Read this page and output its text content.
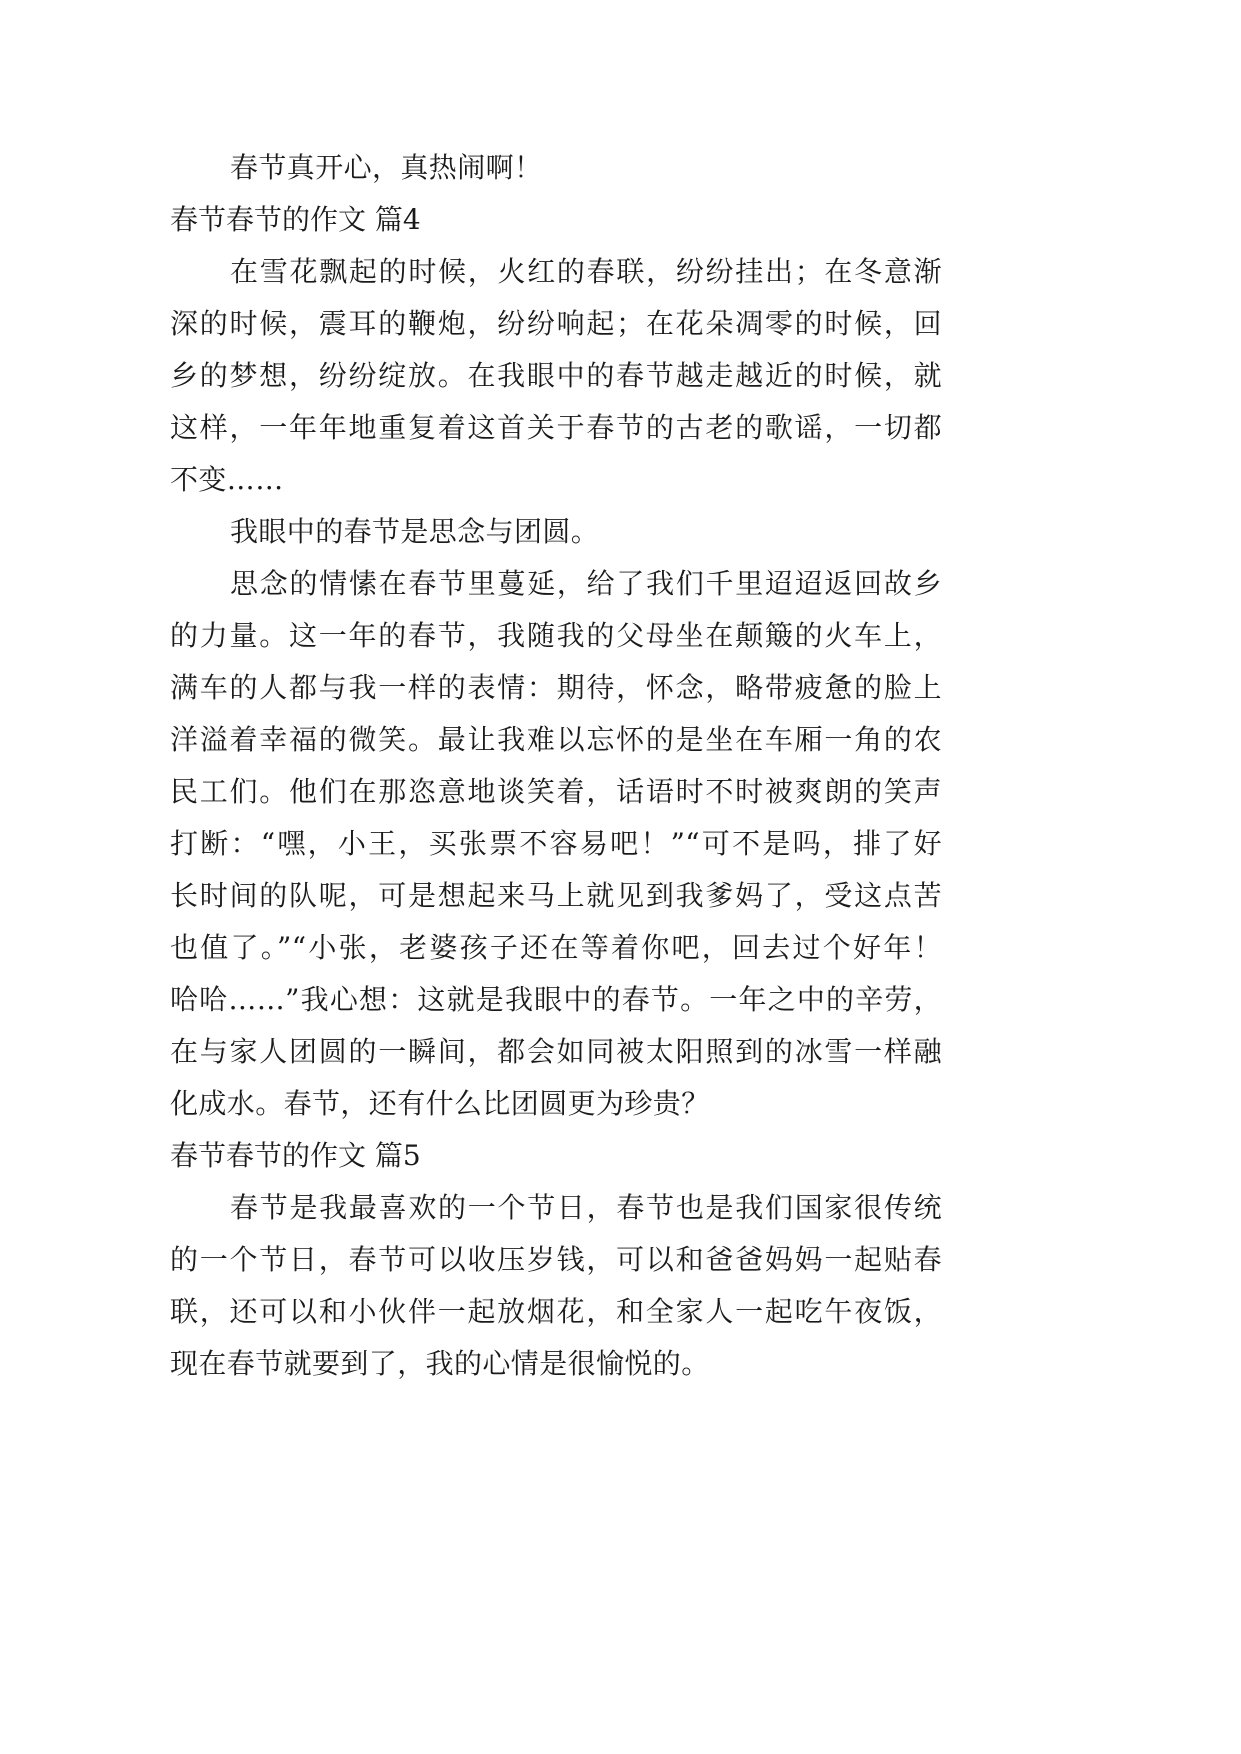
春节真开心，真热闹啊！
春节春节的作文 篇4
在雪花飘起的时候，火红的春联，纷纷挂出；在冬意渐
深的时候，震耳的鞭炮，纷纷响起；在花朵凋零的时候，回
乡的梦想，纷纷绽放。在我眼中的春节越走越近的时候，就
这样，一年年地重复着这首关于春节的古老的歌谣，一切都
不变……
我眼中的春节是思念与团圆。
思念的情愫在春节里蔓延，给了我们千里迢迢返回故乡
的力量。这一年的春节，我随我的父母坐在颠簸的火车上，
满车的人都与我一样的表情：期待，怀念，略带疲惫的脸上
洋溢着幸福的微笑。最让我难以忘怀的是坐在车厢一角的农
民工们。他们在那恣意地谈笑着，话语时不时被爽朗的笑声
打断：“嘿，小王，买张票不容易吧！”“可不是吗，排了好
长时间的队呢，可是想起来马上就见到我爹妈了，受这点苦
也值了。”“小张，老婆孩子还在等着你吧，回去过个好年！
哈哈……”我心想：这就是我眼中的春节。一年之中的辛劳，
在与家人团圆的一瞬间，都会如同被太阳照到的冰雪一样融
化成水。春节，还有什么比团圆更为珍贵？
春节春节的作文 篇5
春节是我最喜欢的一个节日，春节也是我们国家很传统
的一个节日，春节可以收压岁钱，可以和爸爸妈妈一起贴春
联，还可以和小伙伴一起放烟花，和全家人一起吃午夜饭，
现在春节就要到了，我的心情是很愉悦的。
